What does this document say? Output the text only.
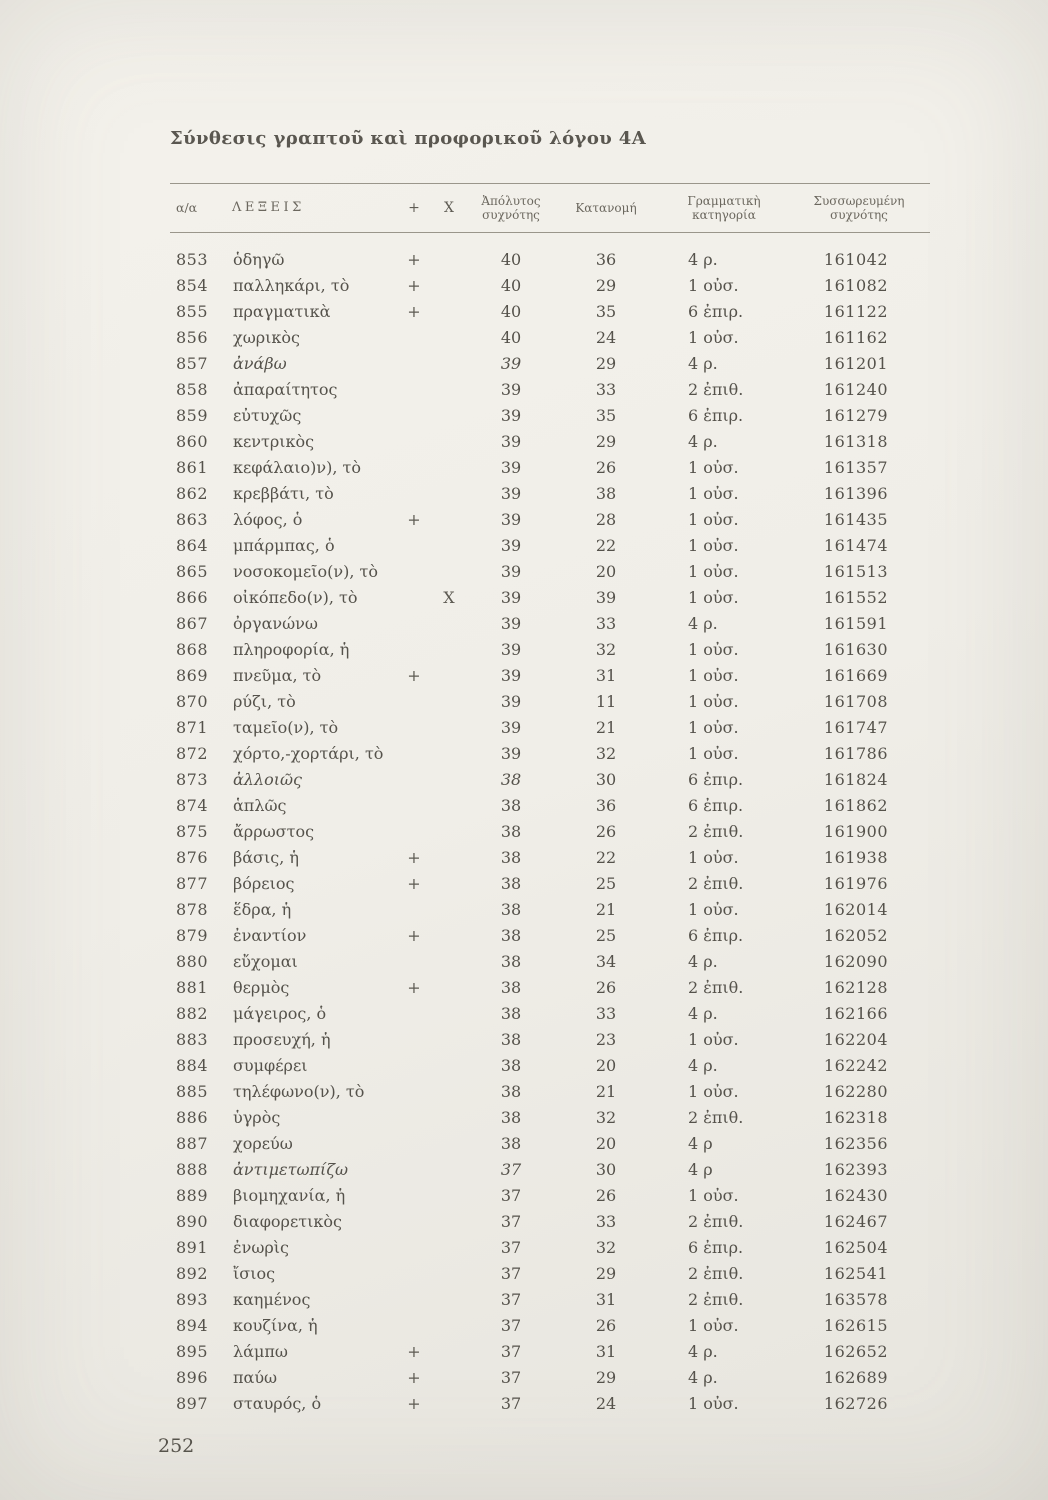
Σύνθεσις γραπτοῦ καὶ προφορικοῦ λόγου 4Α
α/α	ΛΕΞΕΙΣ	+	Χ	Ἀπόλυτος συχνότης	Κατανομή	Γραμματικὴ κατηγορία	Συσσωρευμένη συχνότης
853	ὁδηγῶ	+		40	36	4 ρ.	161042
854	παλληκάρι, τὸ	+		40	29	1 οὐσ.	161082
855	πραγματικὰ	+		40	35	6 ἐπιρ.	161122
856	χωρικὸς			40	24	1 οὐσ.	161162
857	ἀνάβω			39	29	4 ρ.	161201
858	ἀπαραίτητος			39	33	2 ἐπιθ.	161240
859	εὐτυχῶς			39	35	6 ἐπιρ.	161279
860	κεντρικὸς			39	29	4 ρ.	161318
861	κεφάλαιο)ν), τὸ			39	26	1 οὐσ.	161357
862	κρεββάτι, τὸ			39	38	1 οὐσ.	161396
863	λόφος, ὁ	+		39	28	1 οὐσ.	161435
864	μπάρμπας, ὁ			39	22	1 οὐσ.	161474
865	νοσοκομεῖο(ν), τὸ			39	20	1 οὐσ.	161513
866	οἰκόπεδο(ν), τὸ		Χ	39	39	1 οὐσ.	161552
867	ὀργανώνω			39	33	4 ρ.	161591
868	πληροφορία, ἡ			39	32	1 οὐσ.	161630
869	πνεῦμα, τὸ	+		39	31	1 οὐσ.	161669
870	ρύζι, τὸ			39	11	1 οὐσ.	161708
871	ταμεῖο(ν), τὸ			39	21	1 οὐσ.	161747
872	χόρτο,-χορτάρι, τὸ			39	32	1 οὐσ.	161786
873	ἀλλοιῶς			38	30	6 ἐπιρ.	161824
874	ἁπλῶς			38	36	6 ἐπιρ.	161862
875	ἄρρωστος			38	26	2 ἐπιθ.	161900
876	βάσις, ἡ	+		38	22	1 οὐσ.	161938
877	βόρειος	+		38	25	2 ἐπιθ.	161976
878	ἕδρα, ἡ			38	21	1 οὐσ.	162014
879	ἐναντίον	+		38	25	6 ἐπιρ.	162052
880	εὔχομαι			38	34	4 ρ.	162090
881	θερμὸς	+		38	26	2 ἐπιθ.	162128
882	μάγειρος, ὁ			38	33	4 ρ.	162166
883	προσευχή, ἡ			38	23	1 οὐσ.	162204
884	συμφέρει			38	20	4 ρ.	162242
885	τηλέφωνο(ν), τὸ			38	21	1 οὐσ.	162280
886	ὑγρὸς			38	32	2 ἐπιθ.	162318
887	χορεύω			38	20	4 ρ	162356
888	ἀντιμετωπίζω			37	30	4 ρ	162393
889	βιομηχανία, ἡ			37	26	1 οὐσ.	162430
890	διαφορετικὸς			37	33	2 ἐπιθ.	162467
891	ἐνωρὶς			37	32	6 ἐπιρ.	162504
892	ἴσιος			37	29	2 ἐπιθ.	162541
893	καημένος			37	31	2 ἐπιθ.	163578
894	κουζίνα, ἡ			37	26	1 οὐσ.	162615
895	λάμπω	+		37	31	4 ρ.	162652
896	παύω	+		37	29	4 ρ.	162689
897	σταυρός, ὁ	+		37	24	1 οὐσ.	162726
252
